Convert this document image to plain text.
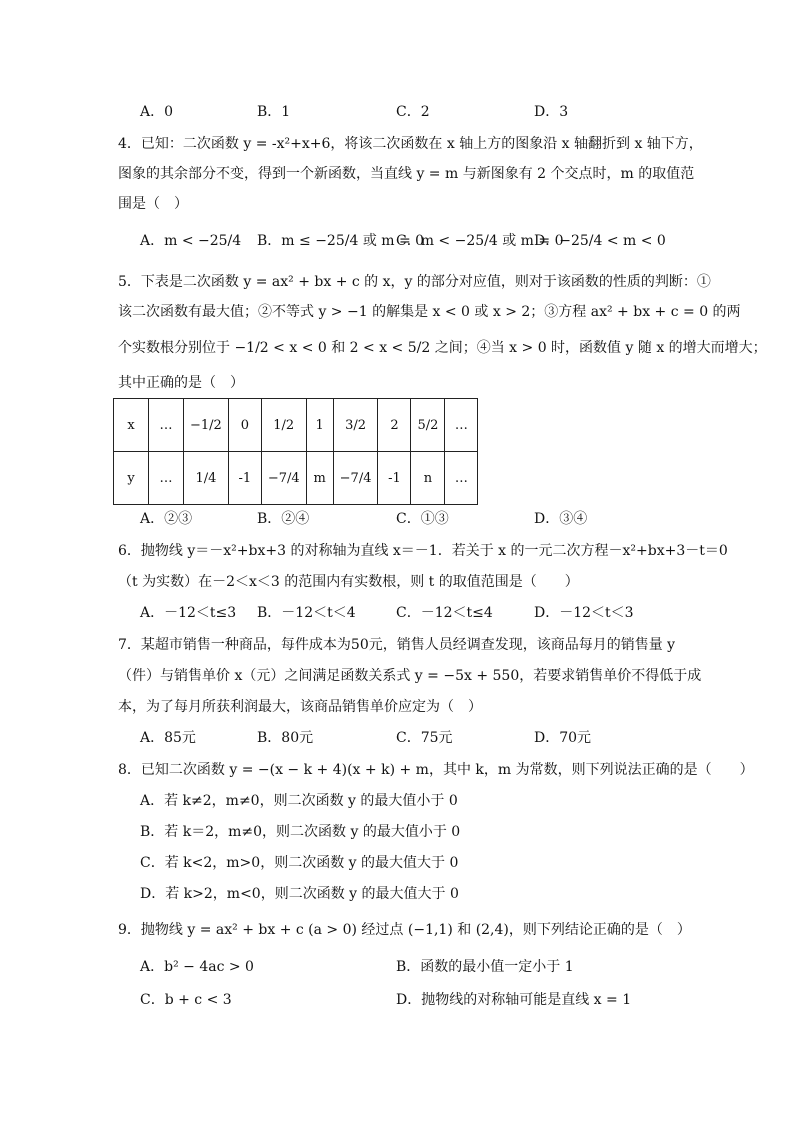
A．0	B．1	C．2	D．3
4．已知：二次函数 y = -x²+x+6，将该二次函数在 x 轴上方的图象沿 x 轴翻折到 x 轴下方，
图象的其余部分不变，得到一个新函数，当直线 y = m 与新图象有 2 个交点时，m 的取值范
围是（　）
A．m < −25/4 B．m ≤ −25/4 或 m = 0
C．m < −25/4 或 m = 0
D．−25/4 < m < 0
5．下表是二次函数 y = ax² + bx + c 的 x，y 的部分对应值，则对于该函数的性质的判断：①
该二次函数有最大值；②不等式 y > −1 的解集是 x < 0 或 x > 2；③方程 ax² + bx + c = 0 的两
个实数根分别位于 −1/2 < x < 0 和 2 < x < 5/2 之间；④当 x > 0 时，函数值 y 随 x 的增大而增大；
其中正确的是（　）
x	…	−1/2	0	1/2	1	3/2	2	5/2	…
y	…	1/4	-1	−7/4	m	−7/4	-1	n	…
A．②③	B．②④	C．①③	D．③④
6．抛物线 y＝－x²+bx+3 的对称轴为直线 x＝－1．若关于 x 的一元二次方程－x²+bx+3－t＝0
（t 为实数）在－2＜x＜3 的范围内有实数根，则 t 的取值范围是（　　）
A．－12＜t≤3 B．－12＜t＜4	C．－12＜t≤4	D．－12＜t＜3
7．某超市销售一种商品，每件成本为50元，销售人员经调查发现，该商品每月的销售量 y
（件）与销售单价 x（元）之间满足函数关系式 y = −5x + 550，若要求销售单价不得低于成
本，为了每月所获利润最大，该商品销售单价应定为（　）
A．85元	B．80元	C．75元	D．70元
8．已知二次函数 y = −(x − k + 4)(x + k) + m，其中 k，m 为常数，则下列说法正确的是（　　）
A．若 k≠2，m≠0，则二次函数 y 的最大值小于 0
B．若 k＝2，m≠0，则二次函数 y 的最大值小于 0
C．若 k<2，m>0，则二次函数 y 的最大值大于 0
D．若 k>2，m<0，则二次函数 y 的最大值大于 0
9．抛物线 y = ax² + bx + c (a > 0) 经过点 (−1,1) 和 (2,4)，则下列结论正确的是（　）
A．b² − 4ac > 0	B．函数的最小值一定小于 1
C．b + c < 3	D．抛物线的对称轴可能是直线 x = 1
